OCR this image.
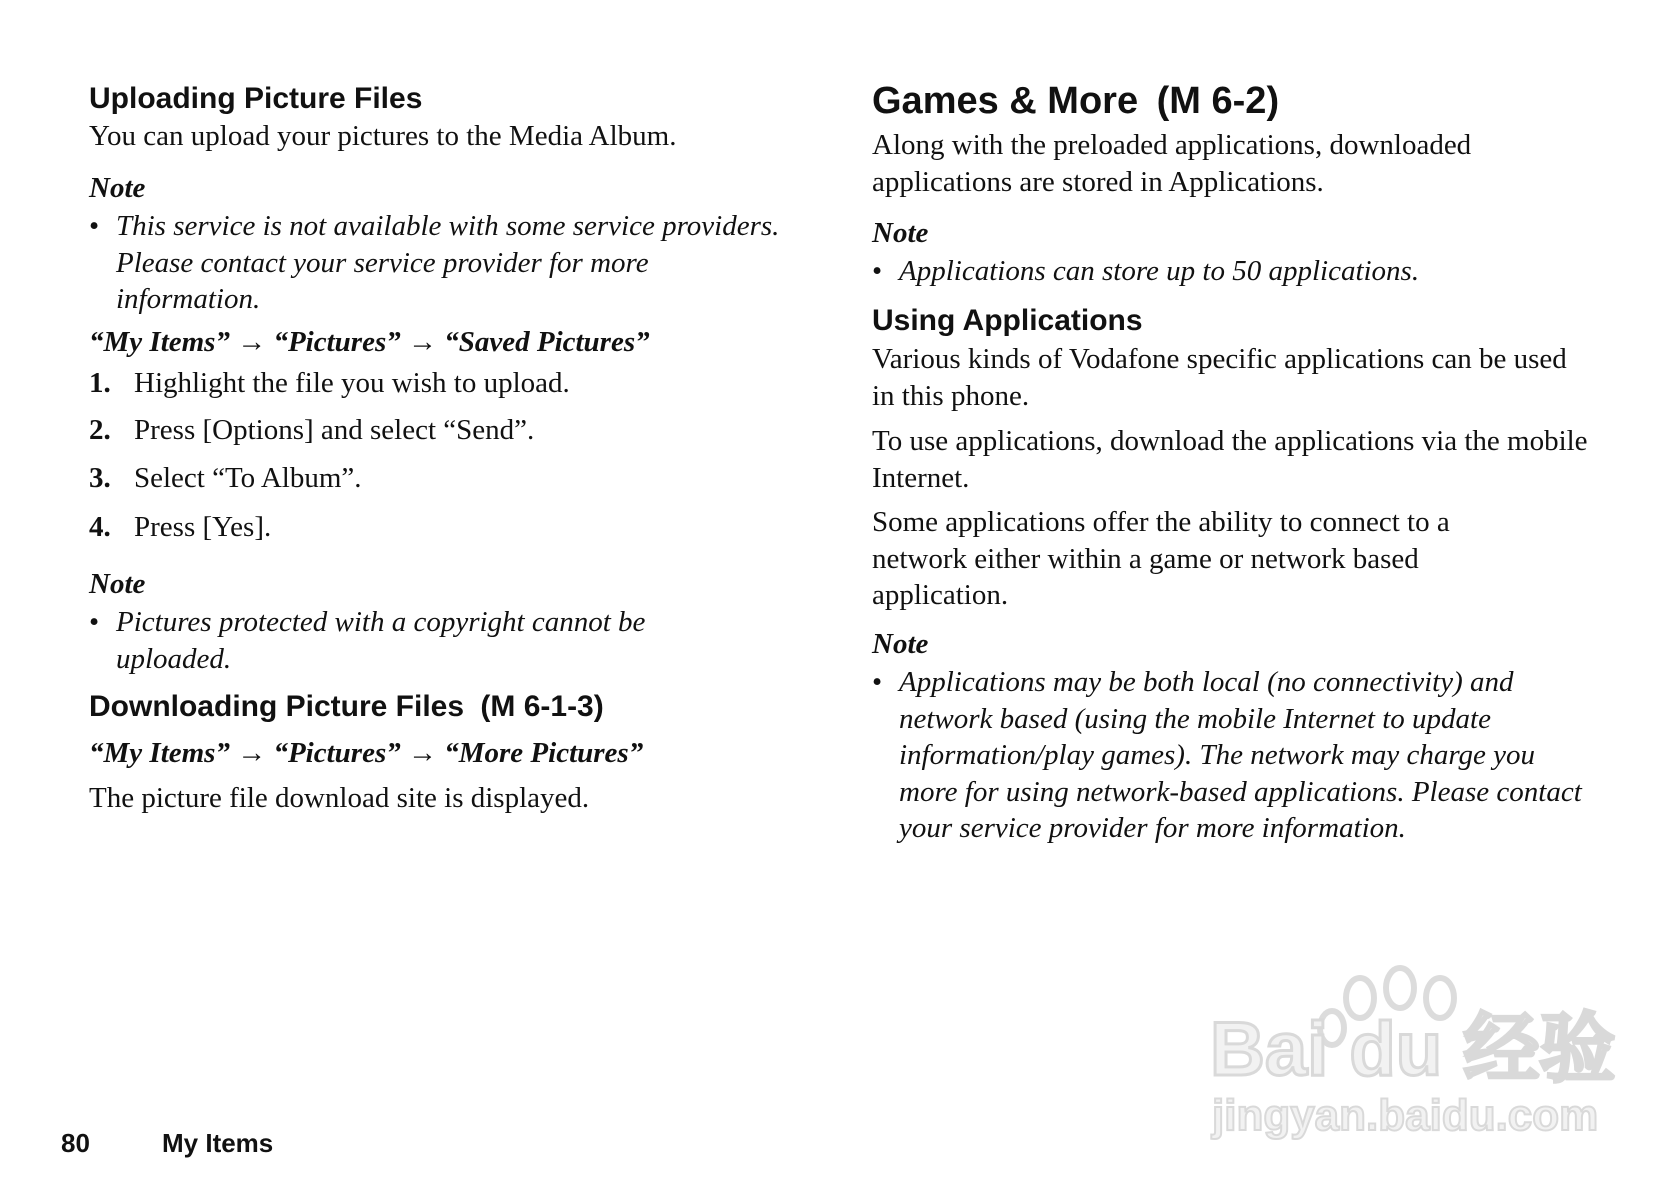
Uploading Picture Files
You can upload your pictures to the Media Album.
Note
• This service is not available with some service providers. Please contact your service provider for more information.
“My Items” → “Pictures” → “Saved Pictures”
1. Highlight the file you wish to upload.
2. Press [Options] and select “Send”.
3. Select “To Album”.
4. Press [Yes].
Note
• Pictures protected with a copyright cannot be uploaded.
Downloading Picture Files (M 6-1-3)
“My Items” → “Pictures” → “More Pictures”
The picture file download site is displayed.
Games & More (M 6-2)
Along with the preloaded applications, downloaded applications are stored in Applications.
Note
• Applications can store up to 50 applications.
Using Applications
Various kinds of Vodafone specific applications can be used in this phone.
To use applications, download the applications via the mobile Internet.
Some applications offer the ability to connect to a network either within a game or network based application.
Note
• Applications may be both local (no connectivity) and network based (using the mobile Internet to update information/play games). The network may charge you more for using network-based applications. Please contact your service provider for more information.
80	My Items
Bai du 经验
jingyan.baidu.com
